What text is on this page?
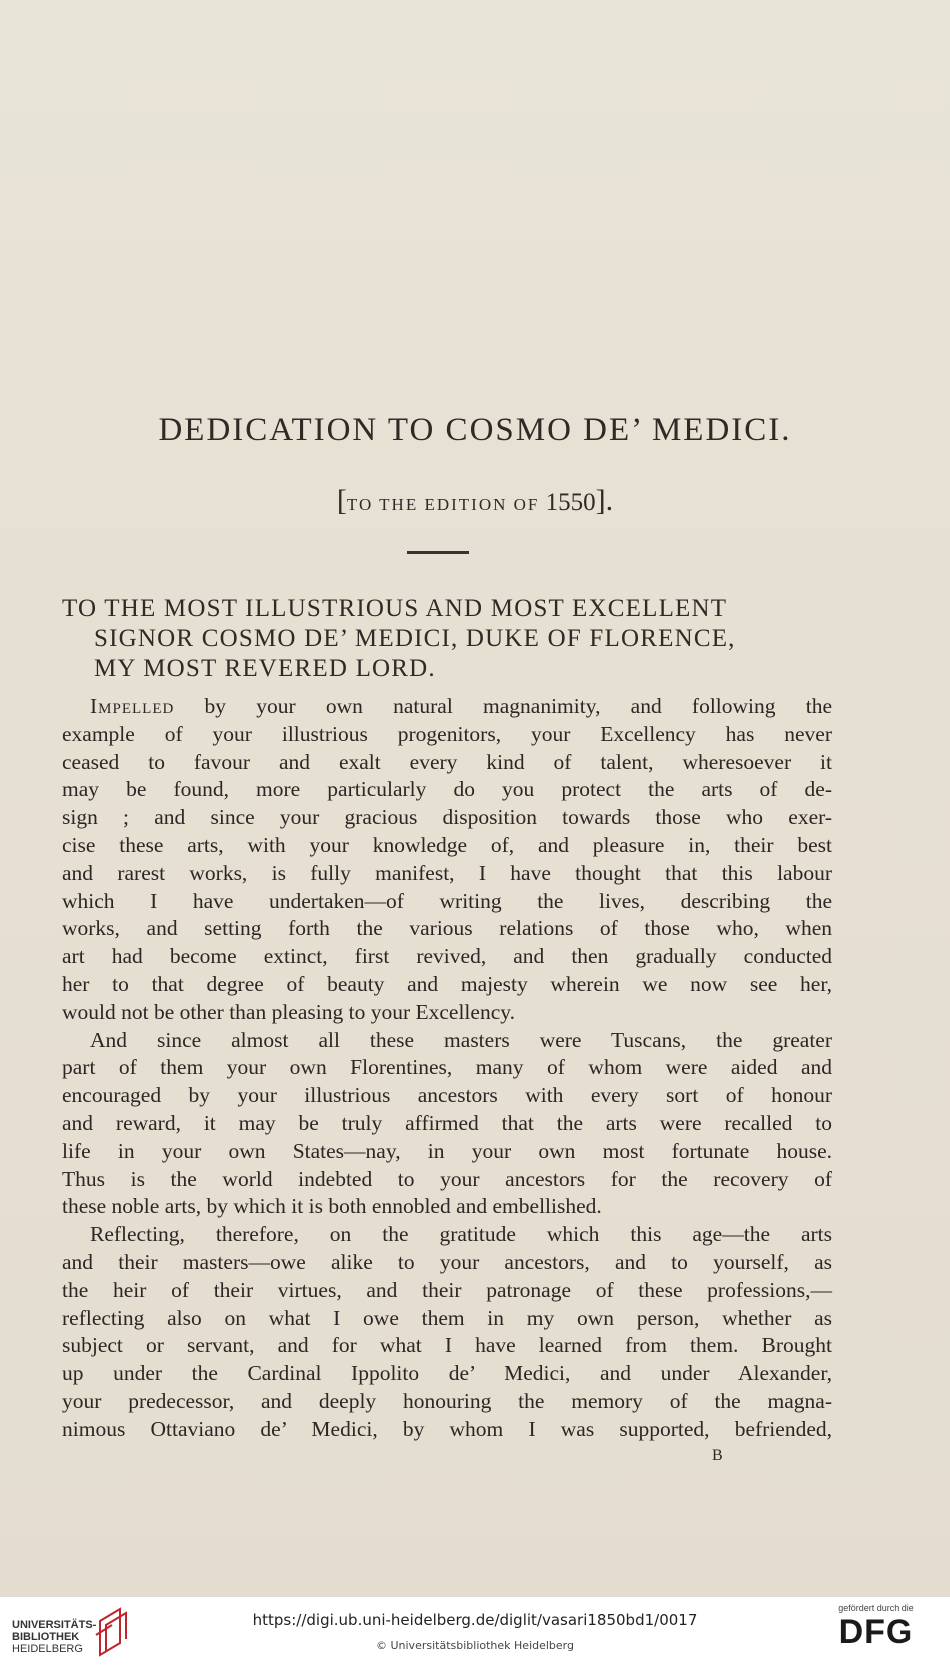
DEDICATION TO COSMO DE’ MEDICI.
[TO THE EDITION OF 1550].
TO THE MOST ILLUSTRIOUS AND MOST EXCELLENT
SIGNOR COSMO DE’ MEDICI, DUKE OF FLORENCE,
MY MOST REVERED LORD.
Impelled by your own natural magnanimity, and following the
example of your illustrious progenitors, your Excellency has never
ceased to favour and exalt every kind of talent, wheresoever it
may be found, more particularly do you protect the arts of de-
sign ; and since your gracious disposition towards those who exer-
cise these arts, with your knowledge of, and pleasure in, their best
and rarest works, is fully manifest, I have thought that this labour
which I have undertaken—of writing the lives, describing the
works, and setting forth the various relations of those who, when
art had become extinct, first revived, and then gradually conducted
her to that degree of beauty and majesty wherein we now see her,
would not be other than pleasing to your Excellency.
And since almost all these masters were Tuscans, the greater
part of them your own Florentines, many of whom were aided and
encouraged by your illustrious ancestors with every sort of honour
and reward, it may be truly affirmed that the arts were recalled to
life in your own States—nay, in your own most fortunate house.
Thus is the world indebted to your ancestors for the recovery of
these noble arts, by which it is both ennobled and embellished.
Reflecting, therefore, on the gratitude which this age—the arts
and their masters—owe alike to your ancestors, and to yourself, as
the heir of their virtues, and their patronage of these professions,—
reflecting also on what I owe them in my own person, whether as
subject or servant, and for what I have learned from them. Brought
up under the Cardinal Ippolito de’ Medici, and under Alexander,
your predecessor, and deeply honouring the memory of the magna-
nimous Ottaviano de’ Medici, by whom I was supported, befriended,
B
UNIVERSITÄTS-
BIBLIOTHEK
HEIDELBERG
https://digi.ub.uni-heidelberg.de/diglit/vasari1850bd1/0017
© Universitätsbibliothek Heidelberg
gefördert durch die
DFG
